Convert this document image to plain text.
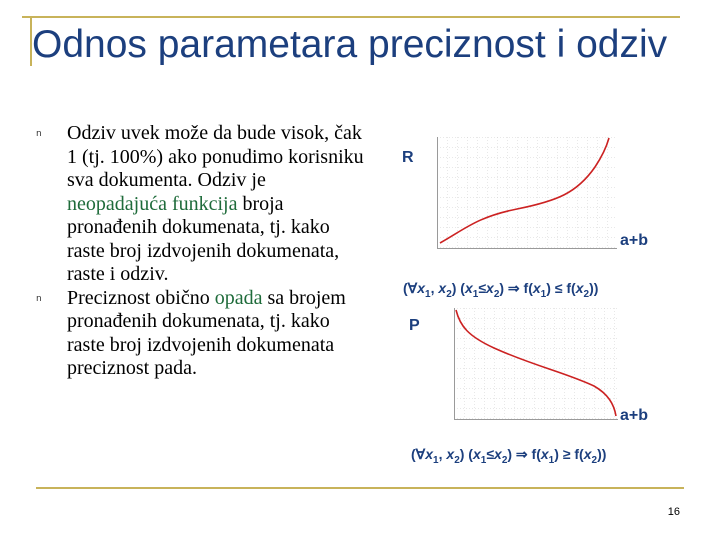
Odnos parametara preciznost i odziv
n Odziv uvek može da bude visok, čak 1 (tj. 100%) ako ponudimo korisniku sva dokumenta. Odziv je neopadajuća funkcija broja pronađenih dokumenata, tj. kako raste broj izdvojenih dokumenata, raste i odziv.
n Preciznost obično opada sa brojem pronađenih dokumenata, tj. kako raste broj izdvojenih dokumenata preciznost pada.
R
a+b
($\forall x_1$, $x_2$) $(x_1\le x_2)$ ⇒ $f(x_1) \le f(x_2)$)
P
a+b
($\forall x_1$, $x_2$) $(x_1\le x_2)$ ⇒ $f(x_1) \ge f(x_2)$)
16
